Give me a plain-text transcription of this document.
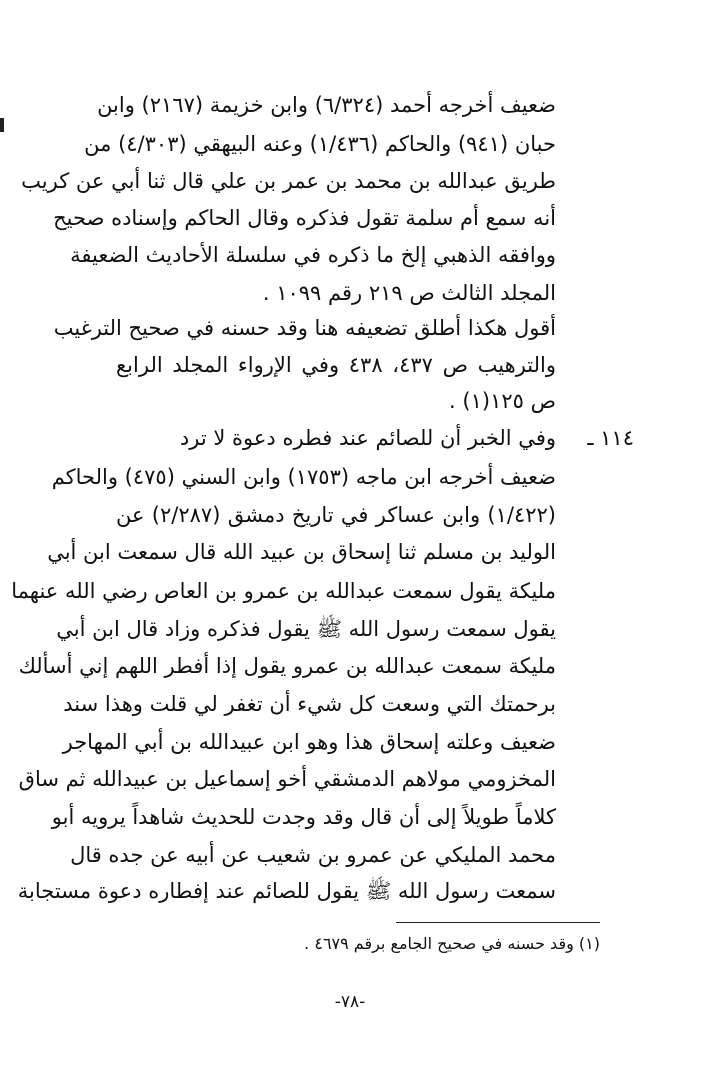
ضعيف أخرجه أحمد (٦/٣٢٤) وابن خزيمة (٢١٦٧) وابن
حبان (٩٤١) والحاكم (١/٤٣٦) وعنه البيهقي (٤/٣٠٣) من
طريق عبدالله بن محمد بن عمر بن علي قال ثنا أبي عن كريب
أنه سمع أم سلمة تقول فذكره وقال الحاكم وإسناده صحيح
ووافقه الذهبي إلخ ما ذكره في سلسلة الأحاديث الضعيفة
المجلد الثالث ص ٢١٩ رقم ١٠٩٩ .
أقول هكذا أطلق تضعيفه هنا وقد حسنه في صحيح الترغيب
والترهيب ص ٤٣٧، ٤٣٨ وفي الإرواء المجلد الرابع
ص ١٢٥(١) .
١١٤ ـ
وفي الخبر أن للصائم عند فطره دعوة لا ترد
ضعيف أخرجه ابن ماجه (١٧٥٣) وابن السني (٤٧٥) والحاكم
(١/٤٢٢) وابن عساكر في تاريخ دمشق (٢/٢٨٧) عن
الوليد بن مسلم ثنا إسحاق بن عبيد الله قال سمعت ابن أبي
مليكة يقول سمعت عبدالله بن عمرو بن العاص رضي الله عنهما
يقول سمعت رسول الله ﷺ يقول فذكره وزاد قال ابن أبي
مليكة سمعت عبدالله بن عمرو يقول إذا أفطر اللهم إني أسألك
برحمتك التي وسعت كل شيء أن تغفر لي قلت وهذا سند
ضعيف وعلته إسحاق هذا وهو ابن عبيدالله بن أبي المهاجر
المخزومي مولاهم الدمشقي أخو إسماعيل بن عبيدالله ثم ساق
كلاماً طويلاً إلى أن قال وقد وجدت للحديث شاهداً يرويه أبو
محمد المليكي عن عمرو بن شعيب عن أبيه عن جده قال
سمعت رسول الله ﷺ يقول للصائم عند إفطاره دعوة مستجابة
(١) وقد حسنه في صحيح الجامع برقم ٤٦٧٩ .
-٧٨-
